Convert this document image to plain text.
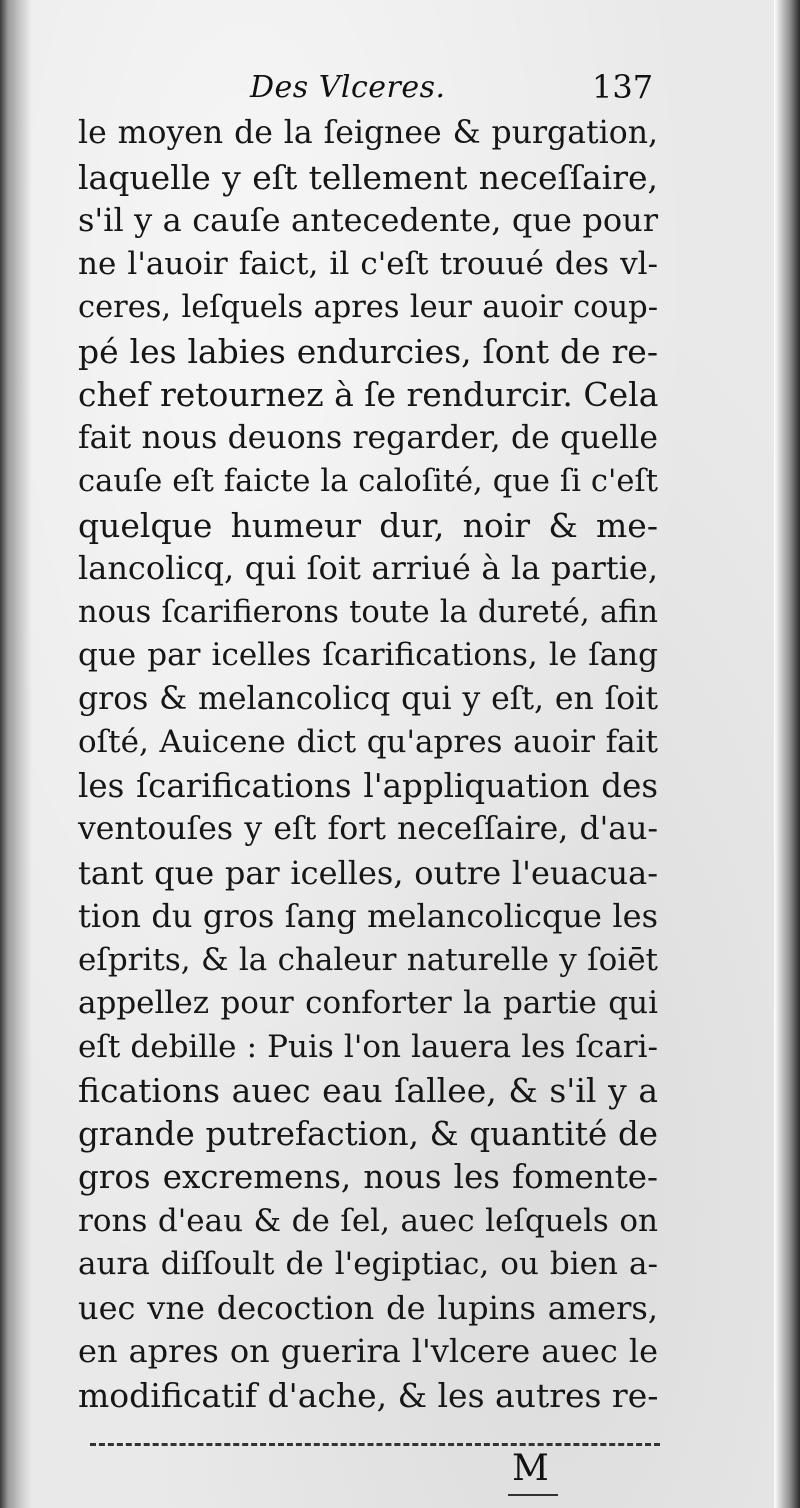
Des Vlceres.	137
le moyen de la ſeignee & purgation,
laquelle y eſt tellement neceſſaire,
s'il y a cauſe antecedente, que pour
ne l'auoir faict, il c'eſt trouué des vl-
ceres, leſquels apres leur auoir coup-
pé les labies endurcies, ſont de re-
chef retournez à ſe rendurcir. Cela
fait nous deuons regarder, de quelle
cauſe eſt faicte la caloſité, que ſi c'eſt
quelque humeur dur, noir & me-
lancolicq, qui ſoit arriué à la partie,
nous ſcarifierons toute la dureté, afin
que par icelles ſcarifications, le ſang
gros & melancolicq qui y eſt, en ſoit
oſté, Auicene dict qu'apres auoir fait
les ſcarifications l'appliquation des
ventouſes y eſt fort neceſſaire, d'au-
tant que par icelles, outre l'euacua-
tion du gros ſang melancolicque les
eſprits, & la chaleur naturelle y ſoiēt
appellez pour conforter la partie qui
eſt debille : Puis l'on lauera les ſcari-
fications auec eau ſallee, & s'il y a
grande putrefaction, & quantité de
gros excremens, nous les fomente-
rons d'eau & de ſel, auec leſquels on
aura diſſoult de l'egiptiac, ou bien a-
uec vne decoction de lupins amers,
en apres on guerira l'vlcere auec le
modificatif d'ache, & les autres re-
M
